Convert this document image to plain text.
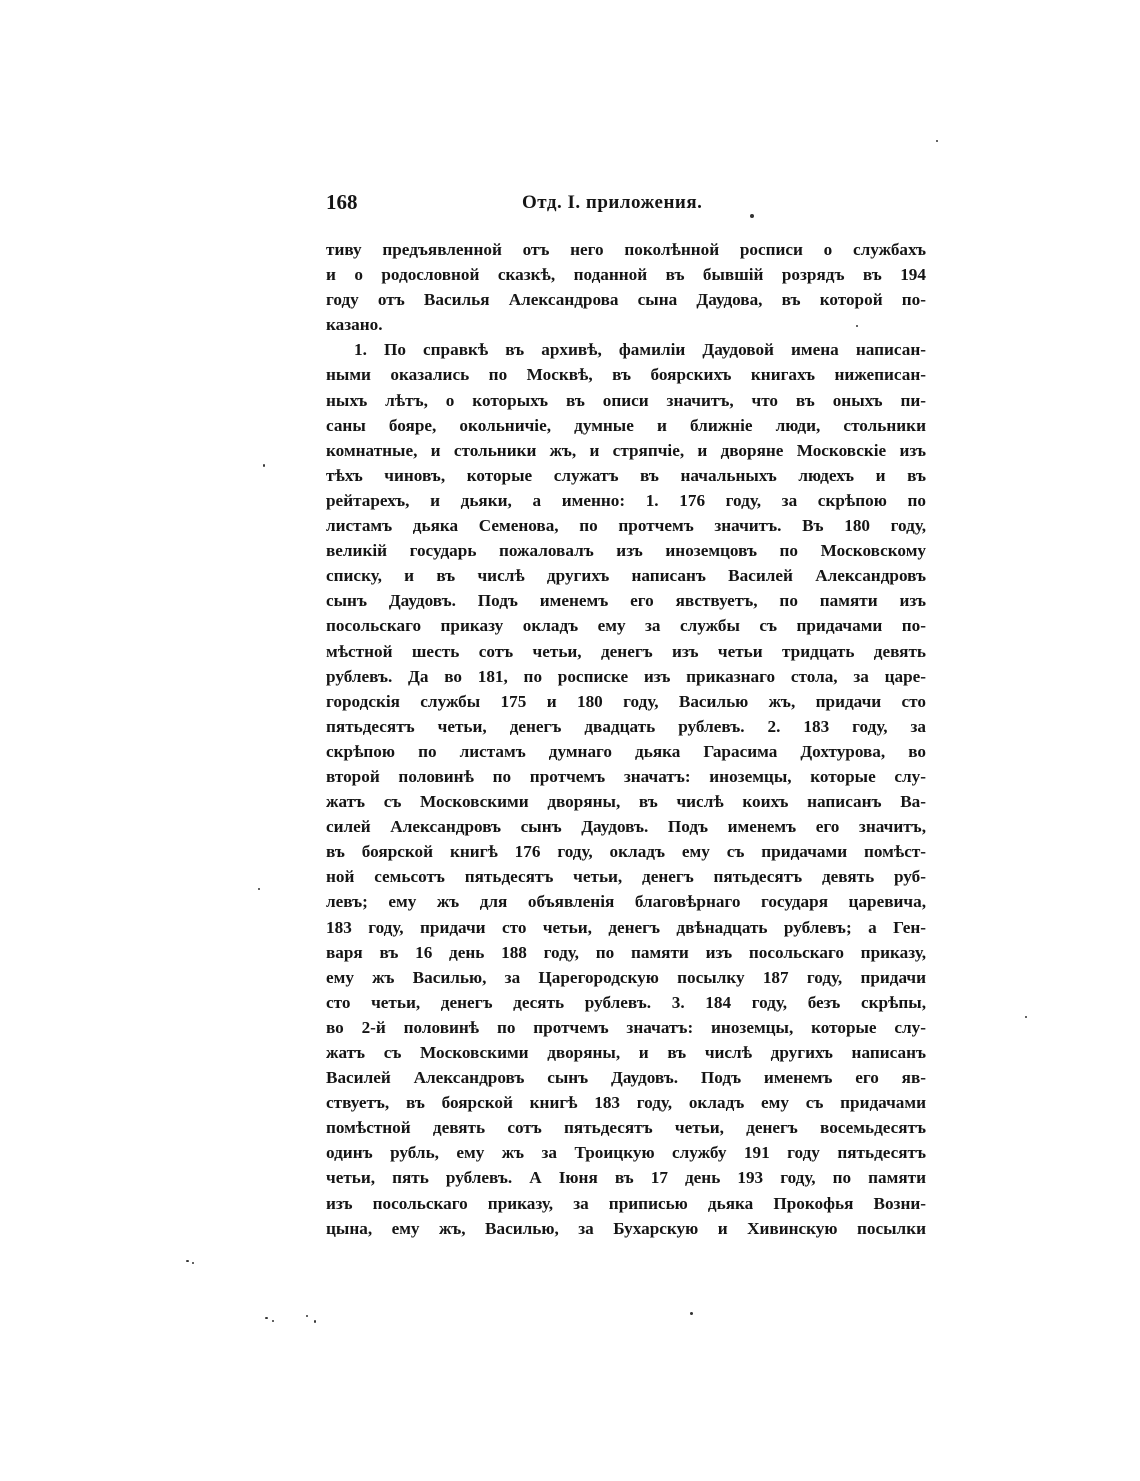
168	Отд. I. приложения.
тиву предъявленной отъ него поколѣнной росписи о службахъ
и о родословной сказкѣ, поданной въ бывшiй розрядъ въ 194
году отъ Василья Александрова сына Даудова, въ которой по-
казано.
1. По справкѣ въ архивѣ, фамилiи Даудовой имена написан-
ными оказались по Москвѣ, въ боярскихъ книгахъ нижеписан-
ныхъ лѣтъ, о которыхъ въ описи значитъ, что въ оныхъ пи-
саны бояре, окольничiе, думные и ближнiе люди, стольники
комнатные, и стольники жъ, и стряпчiе, и дворяне Московскiе изъ
тѣхъ чиновъ, которые служатъ въ начальныхъ людехъ и въ
рейтарехъ, и дьяки, а именно: 1. 176 году, за скрѣпою по
листамъ дьяка Семенова, по протчемъ значитъ. Въ 180 году,
великiй государь пожаловалъ изъ иноземцовъ по Московскому
списку, и въ числѣ другихъ написанъ Василей Александровъ
сынъ Даудовъ. Подъ именемъ его явствуетъ, по памяти изъ
посольскаго приказу окладъ ему за службы съ придачами по-
мѣстной шесть сотъ четьи, денегъ изъ четьи тридцать девять
рублевъ. Да во 181, по росписке изъ приказнаго стола, за царе-
городскiя службы 175 и 180 году, Василью жъ, придачи сто
пятьдесятъ четьи, денегъ двадцать рублевъ. 2. 183 году, за
скрѣпою по листамъ думнаго дьяка Гарасима Дохтурова, во
второй половинѣ по протчемъ значатъ: иноземцы, которые слу-
жатъ съ Московскими дворяны, въ числѣ коихъ написанъ Ва-
силей Александровъ сынъ Даудовъ. Подъ именемъ его значитъ,
въ боярской книгѣ 176 году, окладъ ему съ придачами помѣст-
ной семьсотъ пятьдесятъ четьи, денегъ пятьдесятъ девять руб-
левъ; ему жъ для объявленiя благовѣрнаго государя царевича,
183 году, придачи сто четьи, денегъ двѣнадцать рублевъ; а Ген-
варя въ 16 день 188 году, по памяти изъ посольскаго приказу,
ему жъ Василью, за Царегородскую посылку 187 году, придачи
сто четьи, денегъ десять рублевъ. 3. 184 году, безъ скрѣпы,
во 2-й половинѣ по протчемъ значатъ: иноземцы, которые слу-
жатъ съ Московскими дворяны, и въ числѣ другихъ написанъ
Василей Александровъ сынъ Даудовъ. Подъ именемъ его яв-
ствуетъ, въ боярской книгѣ 183 году, окладъ ему съ придачами
помѣстной девять сотъ пятьдесятъ четьи, денегъ восемьдесятъ
одинъ рубль, ему жъ за Троицкую службу 191 году пятьдесятъ
четьи, пять рублевъ. А Iюня въ 17 день 193 году, по памяти
изъ посольскаго приказу, за приписью дьяка Прокофья Возни-
цына, ему жъ, Василью, за Бухарскую и Хивинскую посылки
